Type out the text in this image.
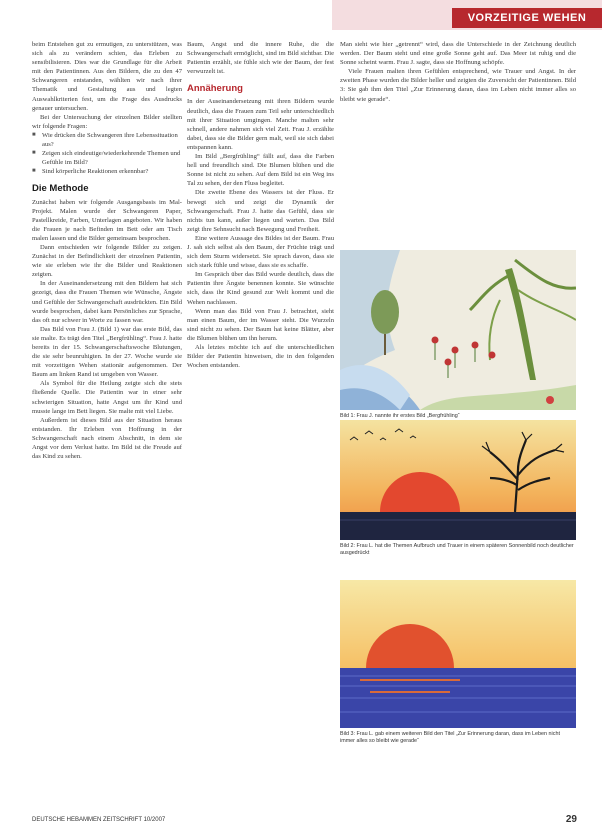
VORZEITIGE WEHEN

beim Entstehen gut zu ermutigen, zu unterstützen, was sich als zu verändern schien, das Erleben zu sensibilisieren. Dies war die Grundlage für die Arbeit mit den Patientinnen. Aus den Bildern, die zu den 47 Schwangeren entstanden, wählten wir nach ihrer Thematik und Gestaltung aus und legten Auswahlkriterien fest, um die Frage des Ausdrucks genauer untersuchen.

Bei der Untersuchung der einzelnen Bilder stellten wir folgende Fragen:

■ Wie drücken die Schwangeren ihre Lebenssituation aus?
■ Zeigen sich eindeutige/wiederkehrende Themen und Gefühle im Bild?
■ Sind körperliche Reaktionen erkennbar?
Die Methode

Zunächst haben wir folgende Ausgangsbasis im Mal-Projekt. Malen wurde der Schwangeren Paper, Pastellkreide, Farben, Unterlagen angeboten. Wir haben die Frauen je nach Befinden im Bett oder am Tisch malen lassen und die Bilder gemeinsam besprochen.

Dann entschieden wir folgende Bilder zu zeigen. Zunächst in der Befindlichkeit der einzelnen Patientin, wie sie erleben wie ihr die Bilder und Reaktionen zeigten.

In der Auseinandersetzung mit den Bildern hat sich gezeigt, dass die Frauen Themen wie Wünsche, Ängste und Gefühle der Schwangerschaft ausdrückten. Ein Bild wurde besprochen, dabei kam Persönliches zur Sprache, das oft nur schwer in Worte zu fassen war.

Das Bild von Frau J. (Bild 1) war das erste Bild, das sie malte. Es trägt den Titel „Bergfrühling“. Frau J. hatte bereits in der 15. Schwangerschaftswoche Blutungen, die sie sehr beunruhigten. In der 27. Woche wurde sie mit vorzeitigen Wehen stationär aufgenommen. Der Baum am linken Rand ist umgeben von Wasser.

Als Symbol für die Heilung zeigte sich die stets fließende Quelle. Die Patientin war in einer sehr schwierigen Situation, hatte Angst um ihr Kind und musste lange im Bett liegen. Sie malte mit viel Liebe.

Außerdem ist dieses Bild aus der Situation heraus entstanden. Ihr Erleben von Hoffnung in der Schwangerschaft nach einem Abschnitt, in dem sie Angst vor dem Verlust hatte. Im Bild ist die Freude auf das Kind zu sehen.

Baum, Angst und die innere Ruhe, die die Schwangerschaft ermöglicht, sind im Bild sichtbar. Die Patientin erzählt, sie fühle sich wie der Baum, der fest verwurzelt ist.

Annäherung

In der Auseinandersetzung mit ihren Bildern wurde deutlich, dass die Frauen zum Teil sehr unterschiedlich mit ihrer Situation umgingen. Manche malten sehr schnell, andere nahmen sich viel Zeit. Frau J. erzählte dabei, dass sie die Bilder gern malt, weil sie sich dabei entspannen kann.

Im Bild „Bergfrühling“ fällt auf, dass die Farben hell und freundlich sind. Die Blumen blühen und die Sonne ist nicht zu sehen. Auf dem Bild ist ein Weg ins Tal zu sehen, der den Fluss begleitet.

Die zweite Ebene des Wassers ist der Fluss. Er bewegt sich und zeigt die Dynamik der Schwangerschaft. Frau J. hatte das Gefühl, dass sie nichts tun kann, außer liegen und warten. Das Bild zeigt ihre Sehnsucht nach Bewegung und Freiheit.

Eine weitere Aussage des Bildes ist der Baum. Frau J. sah sich selbst als den Baum, der Früchte trägt und sich dem Sturm widersetzt. Sie sprach davon, dass sie sich stark fühle und wisse, dass sie es schaffe.

Im Gespräch über das Bild wurde deutlich, dass die Patientin ihre Ängste benennen konnte. Sie wünschte sich, dass ihr Kind gesund zur Welt kommt und die Wehen nachlassen.

Wenn man das Bild von Frau J. betrachtet, sieht man einen Baum, der im Wasser steht. Die Wurzeln sind nicht zu sehen. Der Baum hat keine Blätter, aber die Blumen blühen um ihn herum.

Als letztes möchte ich auf die unterschiedlichen Bilder der Patientin hinweisen, die in den folgenden Wochen entstanden.

Man sieht wie hier „getrennt“ wird, dass die Unterschiede in der Zeichnung deutlich werden. Der Baum steht und eine große Sonne geht auf. Das Meer ist ruhig und die Sonne scheint warm. Frau J. sagte, dass sie Hoffnung schöpfe.

Viele Frauen malten ihren Gefühlen entsprechend, wie Trauer und Angst. In der zweiten Phase wurden die Bilder heller und zeigten die Zuversicht der Patientinnen. Bild 3: Sie gab ihm den Titel „Zur Erinnerung daran, dass im Leben nicht immer alles so bleibt wie gerade“.

Bild 1: Frau J. nannte ihr erstes Bild „Bergfrühling“
Bild 2: Frau L. hat die Themen Aufbruch und Trauer in einem späteren Sonnenbild noch deutlicher ausgedrückt
Bild 3: Frau L. gab einem weiteren Bild den Titel „Zur Erinnerung daran, dass im Leben nicht immer alles so bleibt wie gerade“
DEUTSCHE HEBAMMEN ZEITSCHRIFT 10/2007	29
